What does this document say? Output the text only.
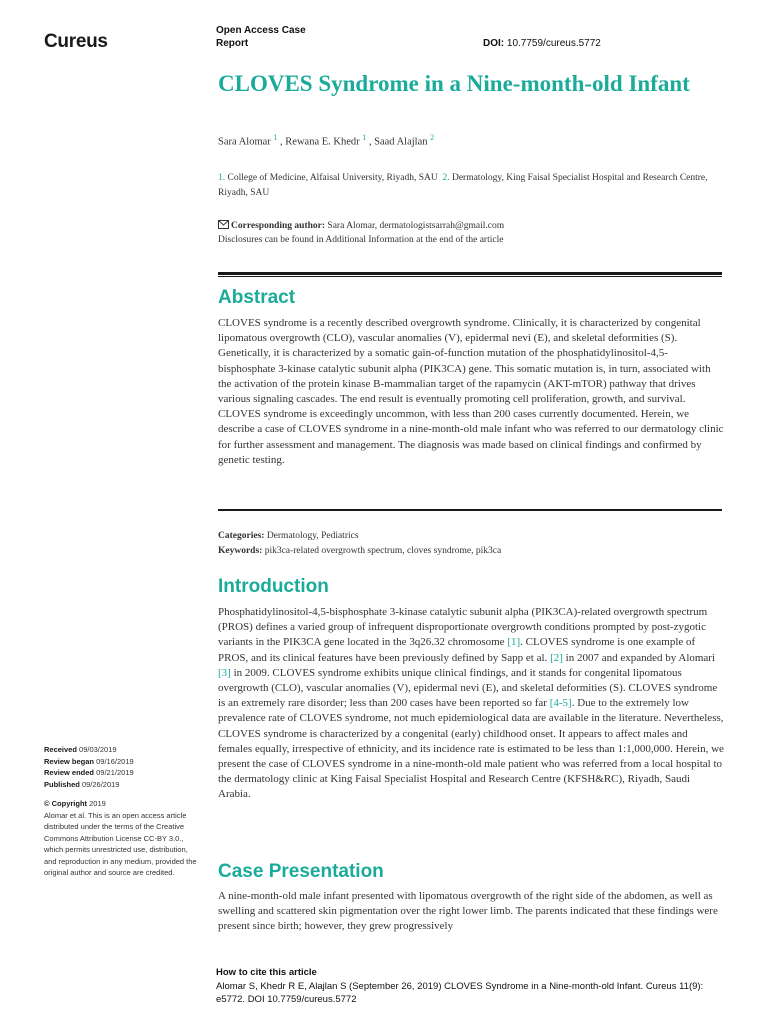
Cureus
Open Access Case Report	DOI: 10.7759/cureus.5772
CLOVES Syndrome in a Nine-month-old Infant
Sara Alomar $^1$ , Rewana E. Khedr $^1$ , Saad Alajlan $^2$
1. College of Medicine, Alfaisal University, Riyadh, SAU 2. Dermatology, King Faisal Specialist Hospital and Research Centre, Riyadh, SAU
Corresponding author: Sara Alomar, dermatologistsarrah@gmail.com
Disclosures can be found in Additional Information at the end of the article
Abstract

CLOVES syndrome is a recently described overgrowth syndrome. Clinically, it is characterized by congenital lipomatous overgrowth (CLO), vascular anomalies (V), epidermal nevi (E), and skeletal deformities (S). Genetically, it is characterized by a somatic gain-of-function mutation of the phosphatidylinositol-4,5-bisphosphate 3-kinase catalytic subunit alpha (PIK3CA) gene. This somatic mutation is, in turn, associated with the activation of the protein kinase B-mammalian target of the rapamycin (AKT-mTOR) pathway that drives various signaling cascades. The end result is eventually promoting cell proliferation, growth, and survival. CLOVES syndrome is exceedingly uncommon, with less than 200 cases currently documented. Herein, we describe a case of CLOVES syndrome in a nine-month-old male infant who was referred to our dermatology clinic for further assessment and management. The diagnosis was made based on clinical findings and confirmed by genetic testing.

Categories: Dermatology, Pediatrics
Keywords: pik3ca-related overgrowth spectrum, cloves syndrome, pik3ca
Introduction

Phosphatidylinositol-4,5-bisphosphate 3-kinase catalytic subunit alpha (PIK3CA)-related overgrowth spectrum (PROS) defines a varied group of infrequent disproportionate overgrowth conditions prompted by post-zygotic variants in the PIK3CA gene located in the 3q26.32 chromosome [1]. CLOVES syndrome is one example of PROS, and its clinical features have been previously defined by Sapp et al. [2] in 2007 and expanded by Alomari [3] in 2009. CLOVES syndrome exhibits unique clinical findings, and it stands for congenital lipomatous overgrowth (CLO), vascular anomalies (V), epidermal nevi (E), and skeletal deformities (S). CLOVES syndrome is an extremely rare disorder; less than 200 cases have been reported so far [4-5]. Due to the extremely low prevalence rate of CLOVES syndrome, not much epidemiological data are available in the literature. Nevertheless, CLOVES syndrome is characterized by a congenital (early) childhood onset. It appears to affect males and females equally, irrespective of ethnicity, and its incidence rate is estimated to be less than 1:1,000,000. Herein, we present the case of CLOVES syndrome in a nine-month-old male patient who was referred from a local hospital to the dermatology clinic at King Faisal Specialist Hospital and Research Centre (KFSH&RC), Riyadh, Saudi Arabia.

Case Presentation

A nine-month-old male infant presented with lipomatous overgrowth of the right side of the abdomen, as well as swelling and scattered skin pigmentation over the right lower limb. The parents indicated that these findings were present since birth; however, they grew progressively

Received 09/03/2019
Review began 09/16/2019
Review ended 09/21/2019
Published 09/26/2019
© Copyright 2019
Alomar et al. This is an open access article distributed under the terms of the Creative Commons Attribution License CC-BY 3.0., which permits unrestricted use, distribution, and reproduction in any medium, provided the original author and source are credited.
How to cite this article
Alomar S, Khedr R E, Alajlan S (September 26, 2019) CLOVES Syndrome in a Nine-month-old Infant. Cureus 11(9): e5772. DOI 10.7759/cureus.5772
